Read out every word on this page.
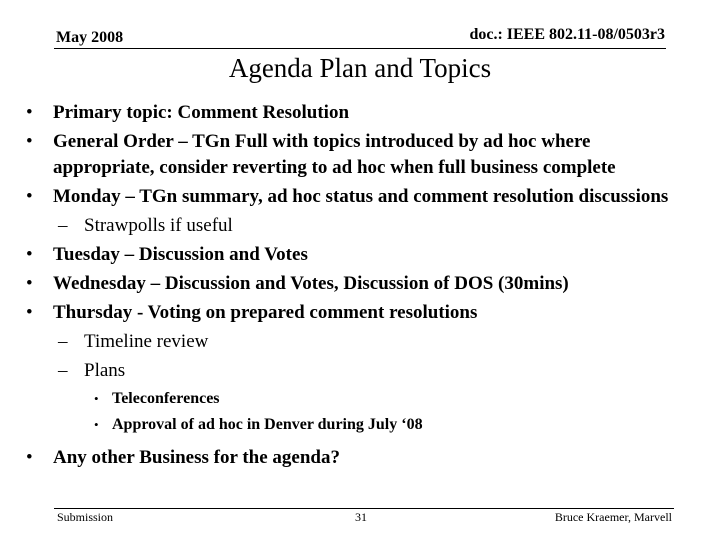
May 2008	doc.: IEEE 802.11-08/0503r3
Agenda Plan and Topics
• Primary topic: Comment Resolution
• General Order – TGn Full with topics introduced by ad hoc where appropriate, consider reverting to ad hoc when full business complete
• Monday – TGn summary, ad hoc status and comment resolution discussions
– Strawpolls if useful
• Tuesday – Discussion and Votes
• Wednesday – Discussion and Votes, Discussion of DOS (30mins)
• Thursday - Voting on prepared comment resolutions
– Timeline review
– Plans
• Teleconferences
• Approval of ad hoc in Denver during July ‘08
• Any other Business for the agenda?
Submission	31	Bruce Kraemer, Marvell
